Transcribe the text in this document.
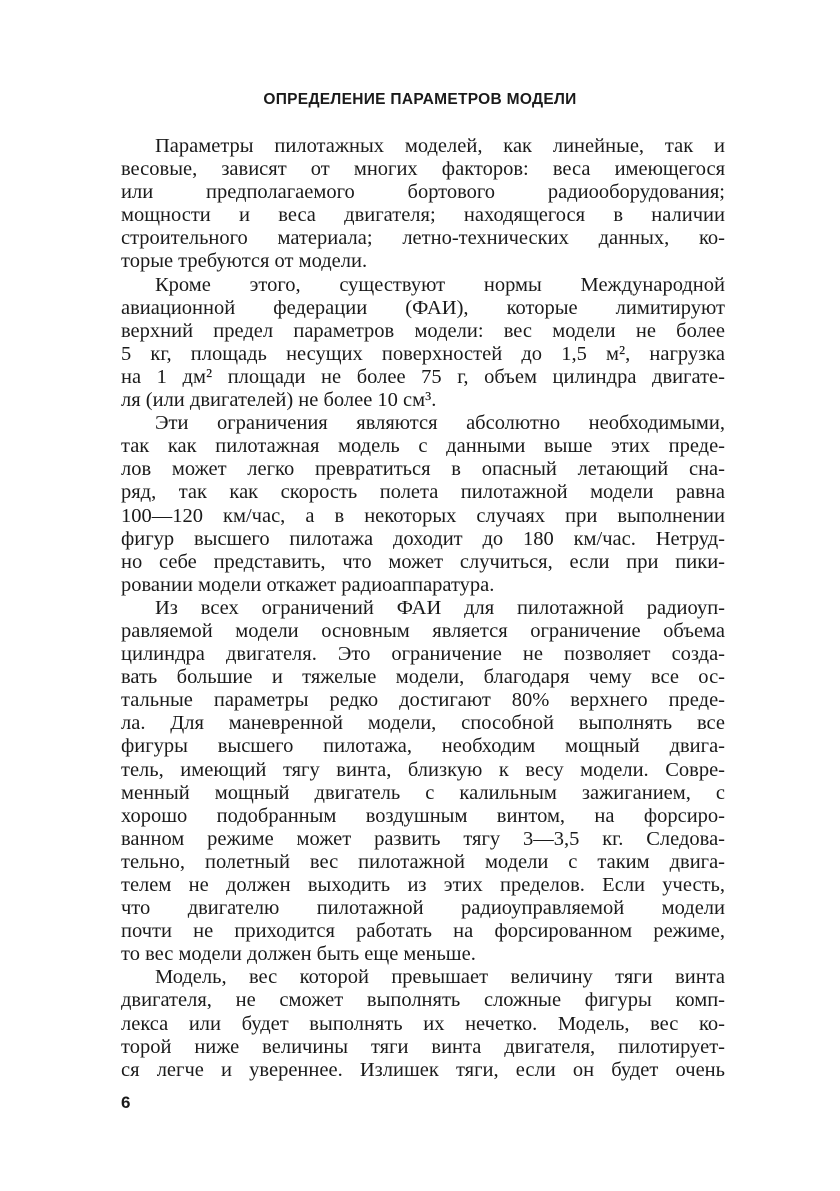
ОПРЕДЕЛЕНИЕ ПАРАМЕТРОВ МОДЕЛИ
Параметры пилотажных моделей, как линейные, так и
весовые, зависят от многих факторов: веса имеющегося
или предполагаемого бортового радиооборудования;
мощности и веса двигателя; находящегося в наличии
строительного материала; летно-технических данных, ко-
торые требуются от модели.
Кроме этого, существуют нормы Международной
авиационной федерации (ФАИ), которые лимитируют
верхний предел параметров модели: вес модели не более
5 кг, площадь несущих поверхностей до 1,5 м², нагрузка
на 1 дм² площади не более 75 г, объем цилиндра двигате-
ля (или двигателей) не более 10 см³.
Эти ограничения являются абсолютно необходимыми,
так как пилотажная модель с данными выше этих преде-
лов может легко превратиться в опасный летающий сна-
ряд, так как скорость полета пилотажной модели равна
100—120 км/час, а в некоторых случаях при выполнении
фигур высшего пилотажа доходит до 180 км/час. Нетруд-
но себе представить, что может случиться, если при пики-
ровании модели откажет радиоаппаратура.
Из всех ограничений ФАИ для пилотажной радиоуп-
равляемой модели основным является ограничение объема
цилиндра двигателя. Это ограничение не позволяет созда-
вать большие и тяжелые модели, благодаря чему все ос-
тальные параметры редко достигают 80% верхнего преде-
ла. Для маневренной модели, способной выполнять все
фигуры высшего пилотажа, необходим мощный двига-
тель, имеющий тягу винта, близкую к весу модели. Совре-
менный мощный двигатель с калильным зажиганием, с
хорошо подобранным воздушным винтом, на форсиро-
ванном режиме может развить тягу 3—3,5 кг. Следова-
тельно, полетный вес пилотажной модели с таким двига-
телем не должен выходить из этих пределов. Если учесть,
что двигателю пилотажной радиоуправляемой модели
почти не приходится работать на форсированном режиме,
то вес модели должен быть еще меньше.
Модель, вес которой превышает величину тяги винта
двигателя, не сможет выполнять сложные фигуры комп-
лекса или будет выполнять их нечетко. Модель, вес ко-
торой ниже величины тяги винта двигателя, пилотирует-
ся легче и увереннее. Излишек тяги, если он будет очень
6
